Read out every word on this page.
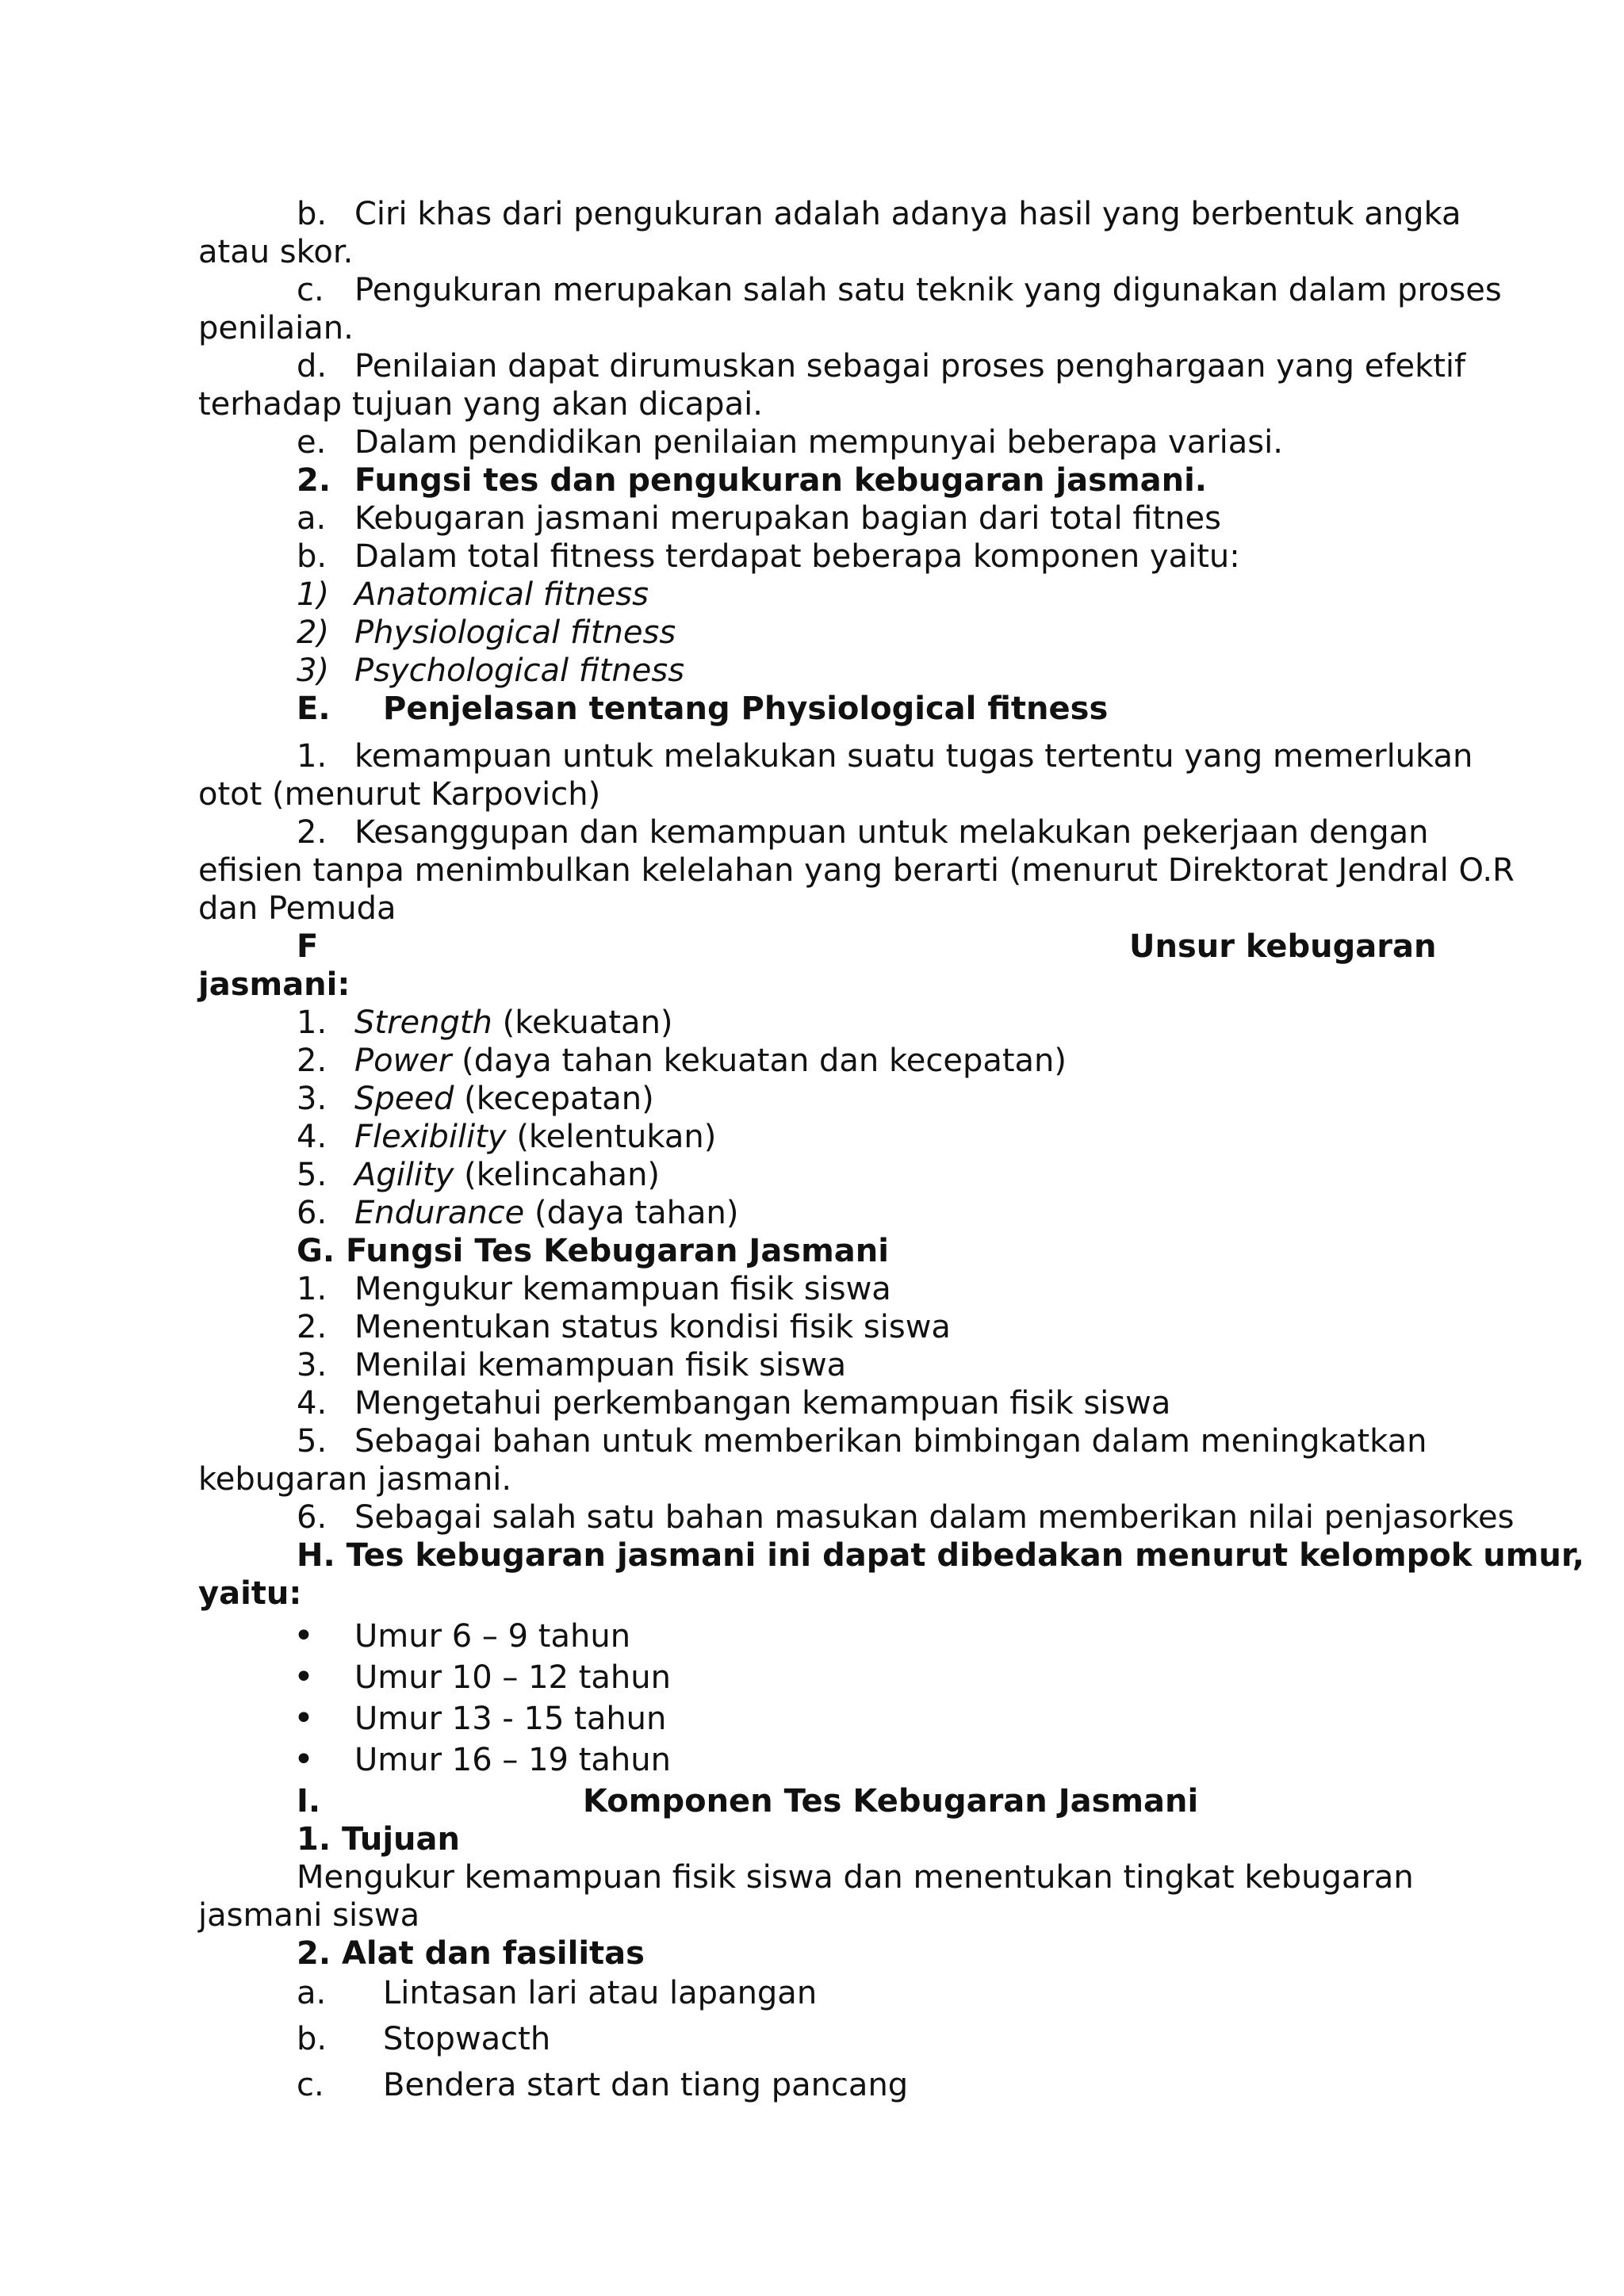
b. Ciri khas dari pengukuran adalah adanya hasil yang berbentuk angka
atau skor.
c. Pengukuran merupakan salah satu teknik yang digunakan dalam proses
penilaian.
d. Penilaian dapat dirumuskan sebagai proses penghargaan yang efektif
terhadap tujuan yang akan dicapai.
e. Dalam pendidikan penilaian mempunyai beberapa variasi.
2. Fungsi tes dan pengukuran kebugaran jasmani.
a. Kebugaran jasmani merupakan bagian dari total fitnes
b. Dalam total fitness terdapat beberapa komponen yaitu:
1) Anatomical fitness
2) Physiological fitness
3) Psychological fitness
E. Penjelasan tentang Physiological fitness
1. kemampuan untuk melakukan suatu tugas tertentu yang memerlukan
otot (menurut Karpovich)
2. Kesanggupan dan kemampuan untuk melakukan pekerjaan dengan
efisien tanpa menimbulkan kelelahan yang berarti (menurut Direktorat Jendral O.R
dan Pemuda
F	Unsur kebugaran
jasmani:
1. Strength (kekuatan)
2. Power (daya tahan kekuatan dan kecepatan)
3. Speed (kecepatan)
4. Flexibility (kelentukan)
5. Agility (kelincahan)
6. Endurance (daya tahan)
G. Fungsi Tes Kebugaran Jasmani
1. Mengukur kemampuan fisik siswa
2. Menentukan status kondisi fisik siswa
3. Menilai kemampuan fisik siswa
4. Mengetahui perkembangan kemampuan fisik siswa
5. Sebagai bahan untuk memberikan bimbingan dalam meningkatkan
kebugaran jasmani.
6. Sebagai salah satu bahan masukan dalam memberikan nilai penjasorkes
H. Tes kebugaran jasmani ini dapat dibedakan menurut kelompok umur,
yaitu:
• Umur 6 – 9 tahun
• Umur 10 – 12 tahun
• Umur 13 - 15 tahun
• Umur 16 – 19 tahun
I.	Komponen Tes Kebugaran Jasmani
1. Tujuan
Mengukur kemampuan fisik siswa dan menentukan tingkat kebugaran
jasmani siswa
2. Alat dan fasilitas
a. Lintasan lari atau lapangan
b. Stopwacth
c. Bendera start dan tiang pancang
